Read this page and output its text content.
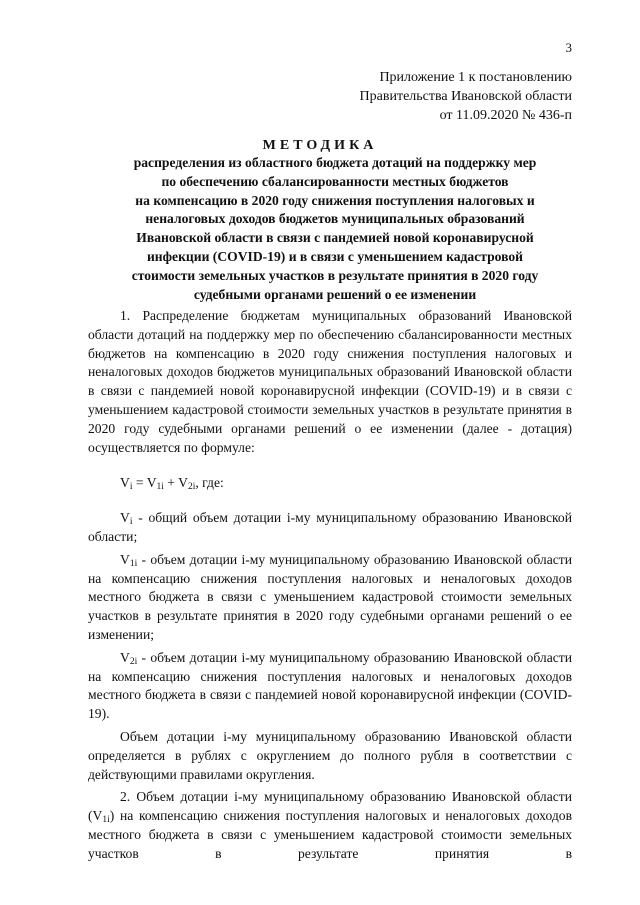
3
Приложение 1 к постановлению
Правительства Ивановской области
от 11.09.2020 № 436-п
МЕТОДИКА
распределения из областного бюджета дотаций на поддержку мер
по обеспечению сбалансированности местных бюджетов
на компенсацию в 2020 году снижения поступления налоговых и
неналоговых доходов бюджетов муниципальных образований
Ивановской области в связи с пандемией новой коронавирусной
инфекции (COVID-19) и в связи с уменьшением кадастровой
стоимости земельных участков в результате принятия в 2020 году
судебными органами решений о ее изменении

1. Распределение бюджетам муниципальных образований Ивановской области дотаций на поддержку мер по обеспечению сбалансированности местных бюджетов на компенсацию в 2020 году снижения поступления налоговых и неналоговых доходов бюджетов муниципальных образований Ивановской области в связи с пандемией новой коронавирусной инфекции (COVID-19) и в связи с уменьшением кадастровой стоимости земельных участков в результате принятия в 2020 году судебными органами решений о ее изменении (далее - дотация) осуществляется по формуле:

$V_i = V_{1i} + V_{2i}$, где:

$V_i$ - общий объем дотации i-му муниципальному образованию Ивановской области;

$V_{1i}$ - объем дотации i-му муниципальному образованию Ивановской области на компенсацию снижения поступления налоговых и неналоговых доходов местного бюджета в связи с уменьшением кадастровой стоимости земельных участков в результате принятия в 2020 году судебными органами решений о ее изменении;

$V_{2i}$ - объем дотации i-му муниципальному образованию Ивановской области на компенсацию снижения поступления налоговых и неналоговых доходов местного бюджета в связи с пандемией новой коронавирусной инфекции (COVID-19).

Объем дотации i-му муниципальному образованию Ивановской области определяется в рублях с округлением до полного рубля в соответствии с действующими правилами округления.

2. Объем дотации i-му муниципальному образованию Ивановской области $(V_{1i})$ на компенсацию снижения поступления налоговых и неналоговых доходов местного бюджета в связи с уменьшением кадастровой стоимости земельных участков в результате принятия в
